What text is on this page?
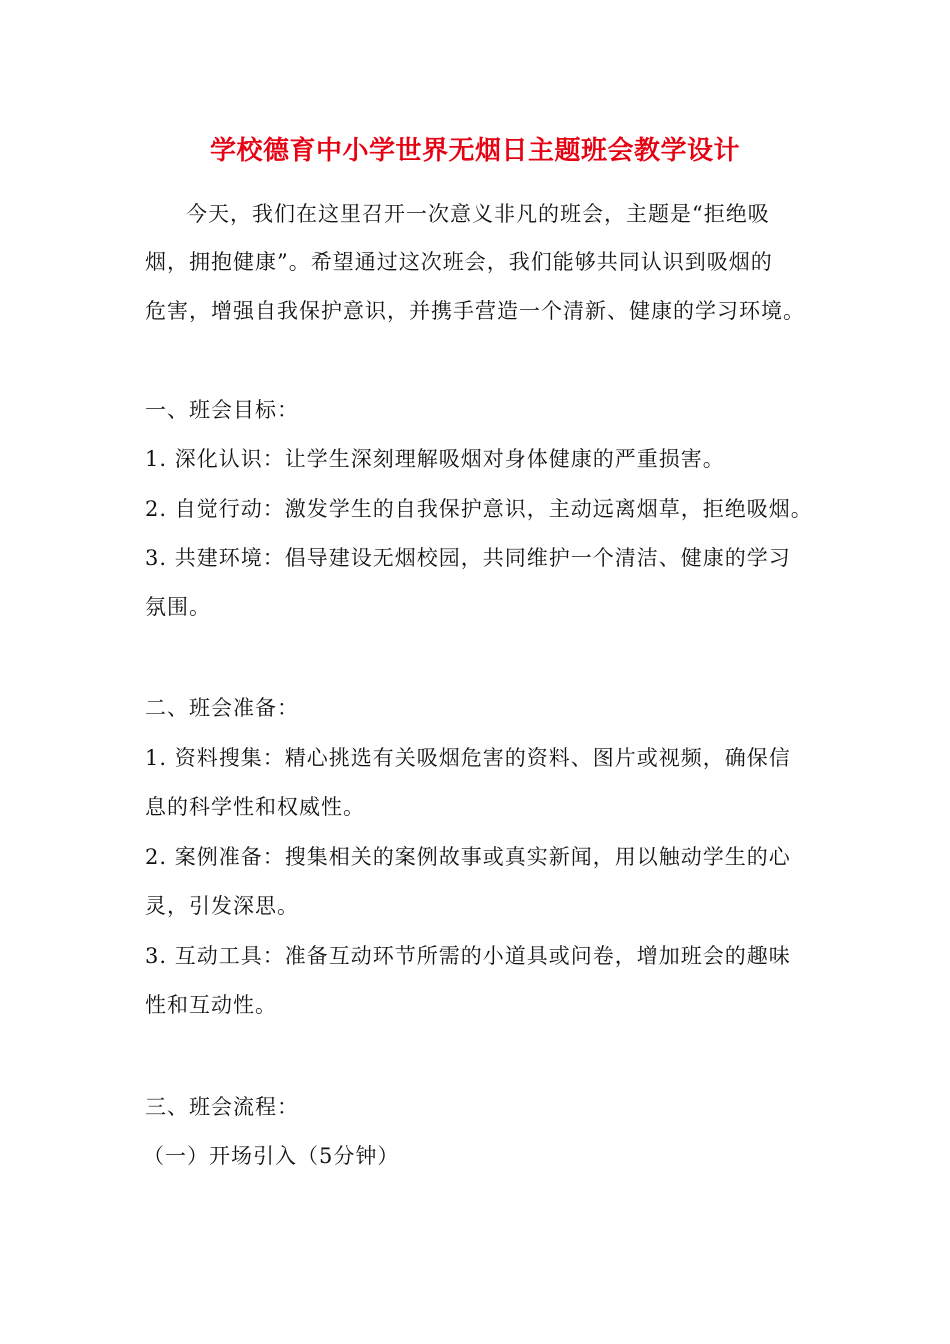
学校德育中小学世界无烟日主题班会教学设计
今天，我们在这里召开一次意义非凡的班会，主题是“拒绝吸
烟，拥抱健康”。希望通过这次班会，我们能够共同认识到吸烟的
危害，增强自我保护意识，并携手营造一个清新、健康的学习环境。
一、班会目标：
1. 深化认识：让学生深刻理解吸烟对身体健康的严重损害。
2. 自觉行动：激发学生的自我保护意识，主动远离烟草，拒绝吸烟。
3. 共建环境：倡导建设无烟校园，共同维护一个清洁、健康的学习
氛围。
二、班会准备：
1. 资料搜集：精心挑选有关吸烟危害的资料、图片或视频，确保信
息的科学性和权威性。
2. 案例准备：搜集相关的案例故事或真实新闻，用以触动学生的心
灵，引发深思。
3. 互动工具：准备互动环节所需的小道具或问卷，增加班会的趣味
性和互动性。
三、班会流程：
（一）开场引入（5分钟）
